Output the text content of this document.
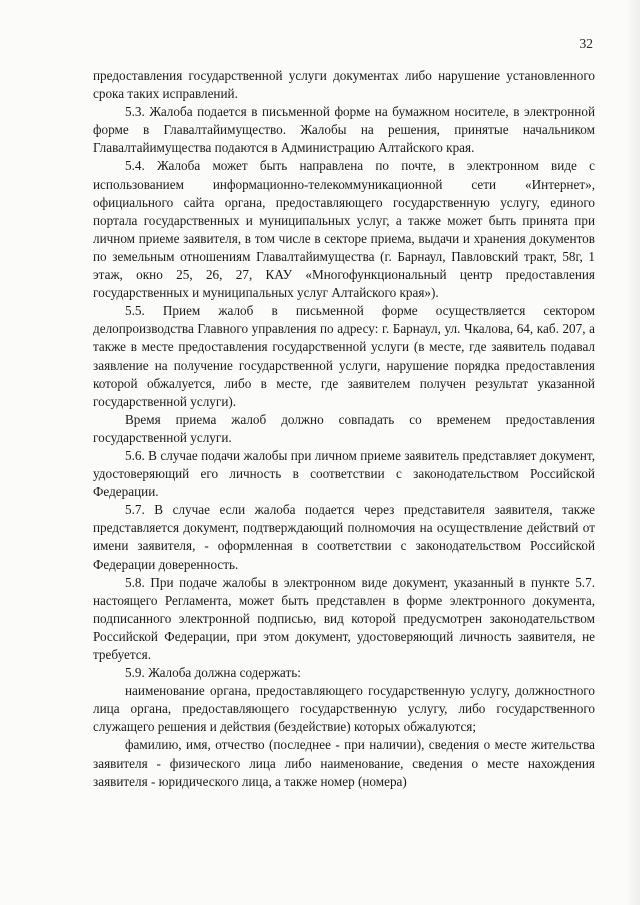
32

предоставления государственной услуги документах либо нарушение установленного срока таких исправлений.

5.3. Жалоба подается в письменной форме на бумажном носителе, в электронной форме в Главалтайимущество. Жалобы на решения, принятые начальником Главалтайимущества подаются в Администрацию Алтайского края.

5.4. Жалоба может быть направлена по почте, в электронном виде с использованием информационно-телекоммуникационной сети «Интернет», официального сайта органа, предоставляющего государственную услугу, единого портала государственных и муниципальных услуг, а также может быть принята при личном приеме заявителя, в том числе в секторе приема, выдачи и хранения документов по земельным отношениям Главалтайимущества (г. Барнаул, Павловский тракт, 58г, 1 этаж, окно 25, 26, 27, КАУ «Многофункциональный центр предоставления государственных и муниципальных услуг Алтайского края»).

5.5. Прием жалоб в письменной форме осуществляется сектором делопроизводства Главного управления по адресу: г. Барнаул, ул. Чкалова, 64, каб. 207, а также в месте предоставления государственной услуги (в месте, где заявитель подавал заявление на получение государственной услуги, нарушение порядка предоставления которой обжалуется, либо в месте, где заявителем получен результат указанной государственной услуги).

Время приема жалоб должно совпадать со временем предоставления государственной услуги.

5.6. В случае подачи жалобы при личном приеме заявитель представляет документ, удостоверяющий его личность в соответствии с законодательством Российской Федерации.

5.7. В случае если жалоба подается через представителя заявителя, также представляется документ, подтверждающий полномочия на осуществление действий от имени заявителя, - оформленная в соответствии с законодательством Российской Федерации доверенность.

5.8. При подаче жалобы в электронном виде документ, указанный в пункте 5.7. настоящего Регламента, может быть представлен в форме электронного документа, подписанного электронной подписью, вид которой предусмотрен законодательством Российской Федерации, при этом документ, удостоверяющий личность заявителя, не требуется.

5.9. Жалоба должна содержать:

наименование органа, предоставляющего государственную услугу, должностного лица органа, предоставляющего государственную услугу, либо государственного служащего решения и действия (бездействие) которых обжалуются;

фамилию, имя, отчество (последнее - при наличии), сведения о месте жительства заявителя - физического лица либо наименование, сведения о месте нахождения заявителя - юридического лица, а также номер (номера)
